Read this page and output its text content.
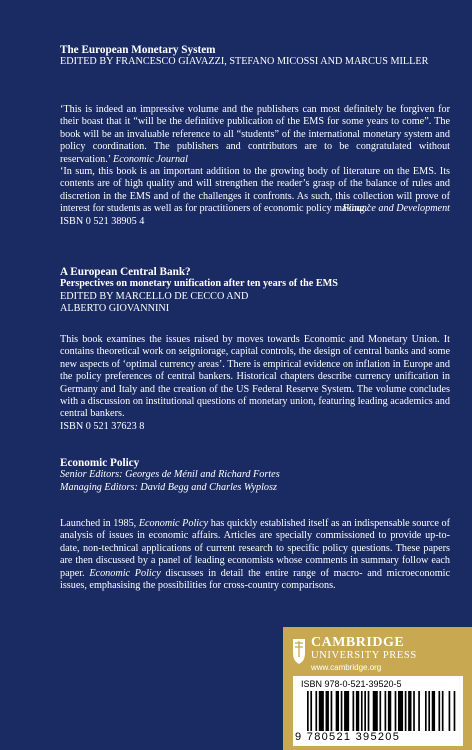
The European Monetary System

EDITED BY FRANCESCO GIAVAZZI, STEFANO MICOSSI AND MARCUS MILLER

‘This is indeed an impressive volume and the publishers can most definitely be forgiven for their boast that it “will be the definitive publication of the EMS for some years to come”. The book will be an invaluable reference to all “students” of the international monetary system and policy coordination. The publishers and contributors are to be congratulated without reservation.’ Economic Journal

‘In sum, this book is an important addition to the growing body of literature on the EMS. Its contents are of high quality and will strengthen the reader’s grasp of the balance of rules and discretion in the EMS and of the challenges it confronts. As such, this collection will prove of interest for students as well as for practitioners of economic policy making.’

Finance and Development

ISBN 0 521 38905 4

A European Central Bank?

Perspectives on monetary unification after ten years of the EMS

EDITED BY MARCELLO DE CECCO AND

ALBERTO GIOVANNINI

This book examines the issues raised by moves towards Economic and Monetary Union. It contains theoretical work on seigniorage, capital controls, the design of central banks and some new aspects of ‘optimal currency areas’. There is empirical evidence on inflation in Europe and the policy preferences of central bankers. Historical chapters describe currency unification in Germany and Italy and the creation of the US Federal Reserve System. The volume concludes with a discussion on institutional questions of monetary union, featuring leading academics and central bankers.

ISBN 0 521 37623 8

Economic Policy

Senior Editors: Georges de Ménil and Richard Fortes

Managing Editors: David Begg and Charles Wyplosz

Launched in 1985, Economic Policy has quickly established itself as an indispensable source of analysis of issues in economic affairs. Articles are specially commissioned to provide up-to-date, non-technical applications of current research to specific policy questions. These papers are then discussed by a panel of leading economists whose comments in summary follow each paper. Economic Policy discusses in detail the entire range of macro- and microeconomic issues, emphasising the possibilities for cross-country comparisons.

CAMBRIDGE
UNIVERSITY PRESS
www.cambridge.org
ISBN 978-0-521-39520-5
9 780521 395205
